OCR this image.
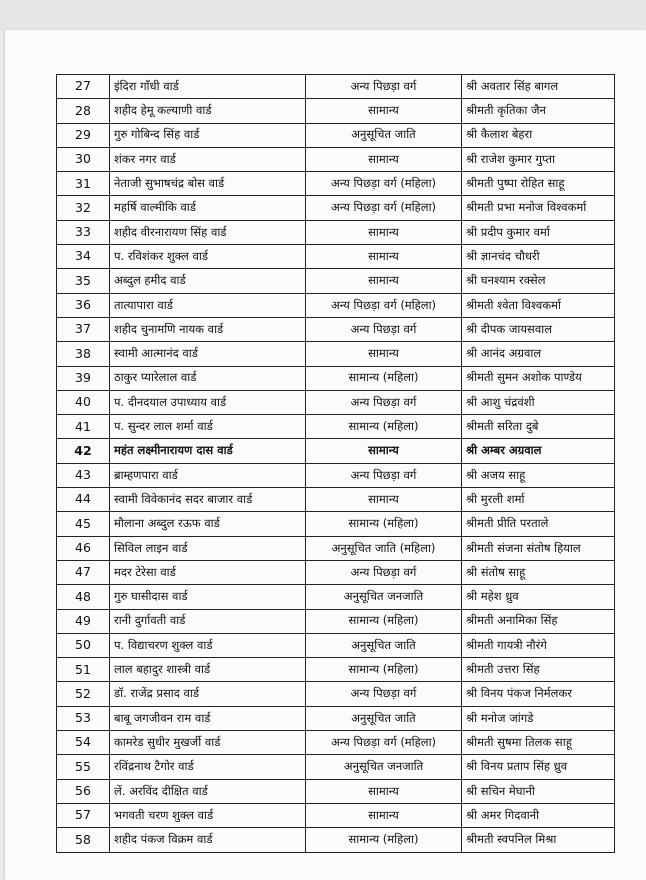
27	इंदिरा गाँधी वार्ड	अन्य पिछड़ा वर्ग	श्री अवतार सिंह बागल
28	शहीद हेमू कल्याणी वार्ड	सामान्य	श्रीमती कृतिका जैन
29	गुरु गोबिन्द सिंह वार्ड	अनुसूचित जाति	श्री कैलाश बेहरा
30	शंकर नगर वार्ड	सामान्य	श्री राजेश कुमार गुप्ता
31	नेताजी सुभाषचंद्र बोस वार्ड	अन्य पिछड़ा वर्ग (महिला)	श्रीमती पुष्पा रोहित साहू
32	महर्षि वाल्मीकि वार्ड	अन्य पिछड़ा वर्ग (महिला)	श्रीमती प्रभा मनोज विश्वकर्मा
33	शहीद वीरनारायण सिंह वार्ड	सामान्य	श्री प्रदीप कुमार वर्मा
34	प. रविशंकर शुक्ल वार्ड	सामान्य	श्री ज्ञानचंद चौधरी
35	अब्दुल हमीद वार्ड	सामान्य	श्री घनश्याम रक्सेल
36	तात्यापारा वार्ड	अन्य पिछड़ा वर्ग (महिला)	श्रीमती श्वेता विश्वकर्मा
37	शहीद चुनामणि नायक वार्ड	अन्य पिछड़ा वर्ग	श्री दीपक जायसवाल
38	स्वामी आत्मानंद वार्ड	सामान्य	श्री आनंद अग्रवाल
39	ठाकुर प्यारेलाल वार्ड	सामान्य (महिला)	श्रीमती सुमन अशोक पाण्डेय
40	प. दीनदयाल उपाध्याय वार्ड	अन्य पिछड़ा वर्ग	श्री आशु चंद्रवंशी
41	प. सुन्दर लाल शर्मा वार्ड	सामान्य (महिला)	श्रीमती सरिता दुबे
42	महंत लक्ष्मीनारायण दास वार्ड	सामान्य	श्री अम्बर अग्रवाल
43	ब्राम्हणपारा वार्ड	अन्य पिछड़ा वर्ग	श्री अजय साहू
44	स्वामी विवेकानंद सदर बाजार वार्ड	सामान्य	श्री मुरली शर्मा
45	मौलाना अब्दुल रऊफ वार्ड	सामान्य (महिला)	श्रीमती प्रीति परताले
46	सिविल लाइन वार्ड	अनुसूचित जाति (महिला)	श्रीमती संजना संतोष हियाल
47	मदर टेरेसा वार्ड	अन्य पिछड़ा वर्ग	श्री संतोष साहू
48	गुरु घासीदास वार्ड	अनुसूचित जनजाति	श्री महेश ध्रुव
49	रानी दुर्गावती वार्ड	सामान्य (महिला)	श्रीमती अनामिका सिंह
50	प. विद्याचरण शुक्ल वार्ड	अनुसूचित जाति	श्रीमती गायत्री नौरंगे
51	लाल बहादुर शास्त्री वार्ड	सामान्य (महिला)	श्रीमती उत्तरा सिंह
52	डॉ. राजेंद्र प्रसाद वार्ड	अन्य पिछड़ा वर्ग	श्री विनय पंकज निर्मलकर
53	बाबू जगजीवन राम वार्ड	अनुसूचित जाति	श्री मनोज जांगडे
54	कामरेड सुधीर मुखर्जी वार्ड	अन्य पिछड़ा वर्ग (महिला)	श्रीमती सुषमा तिलक साहू
55	रविंद्रनाथ टैगोर वार्ड	अनुसूचित जनजाति	श्री विनय प्रताप सिंह ध्रुव
56	लें. अरविंद दीक्षित वार्ड	सामान्य	श्री सचिन मेघानी
57	भगवती चरण शुक्ल वार्ड	सामान्य	श्री अमर गिदवानी
58	शहीद पंकज विक्रम वार्ड	सामान्य (महिला)	श्रीमती स्वपनिल मिश्रा
